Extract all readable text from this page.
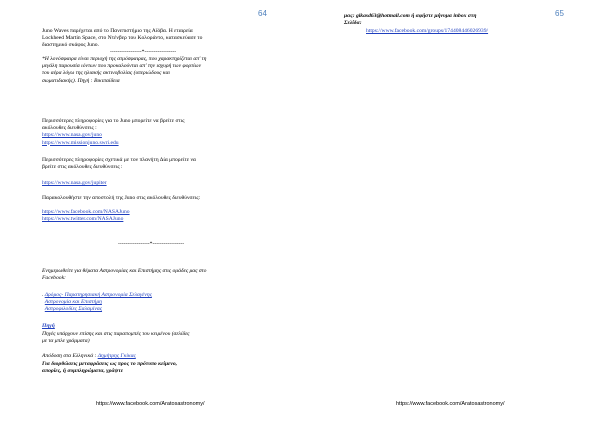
64
Juno Waves παρέχεται από το Πανεπιστήμιο της Αϊόβα. Η εταιρεία
Lockheed Martin Space, στο Ντένβερ του Κολοράντο, κατασκεύασε το
διαστημικό σκάφος Juno.
-----------------*-----------------
*Η λονόσφαιρα είναι περιοχή της ατμόσφαιρας, που χαρακτηρίζεται απ' τη
μεγάλη παρουσία ιόντων που προκαλούνται απ' την ισχυρή των φορτίων
του αέρα λόγω της ηλιακής ακτινοβολίας (υπεριώδους και
σωματιδιακής). Πηγή : Βικιπαίδεια
Περισσότερες πληροφορίες για το Juno μπορείτε να βρείτε στις
ακόλουθες διευθύνσεις :
https://www.nasa.gov/juno
https://www.missionjuno.swri.edu
Περισσότερες πληροφορίες σχετικά με τον πλανήτη Δία μπορείτε να
βρείτε στις ακόλουθες διευθύνσεις :
https://www.nasa.gov/jupiter
Παρακολουθήστε την αποστολή της Juno στις ακόλουθες διευθύνσεις:
https://www.facebook.com/NASAJuno
https://www.twitter.com/NASAJuno
-----------------*-----------------
Ενημερωθείτε για θέματα Αστρονομίας και Επιστήμης στις ομάδες μας στο
Facebook:
. Δρόμος- Παρατηρησιακή Αστρονομία Σελαγένης
Αστρονομία και Επιστήμη
Αστροφιλοδίες Σαλαμίνας
Πηγή
Πηγές υπάρχουν επίσης και στις παραπομπές του κειμένου (σελίδες
με τα μπλε γράμματα)
Απόδοση στα Ελληνικά : Δημήτρης Γκίκας
Για διορθώσεις μεταφράσεις ως προς το πρότυπο κείμενο,
απορίες, ή συμπληρώματα, γράψτε
https://www.facebook.com/Aratosastronomy/
65
μας: gikasd63@hotmail.com ή αφήστε μήνυμα inbox στη
Σελίδα:
https://www.facebook.com/groups/174408446026939/
https://www.facebook.com/Aratosastronomy/
